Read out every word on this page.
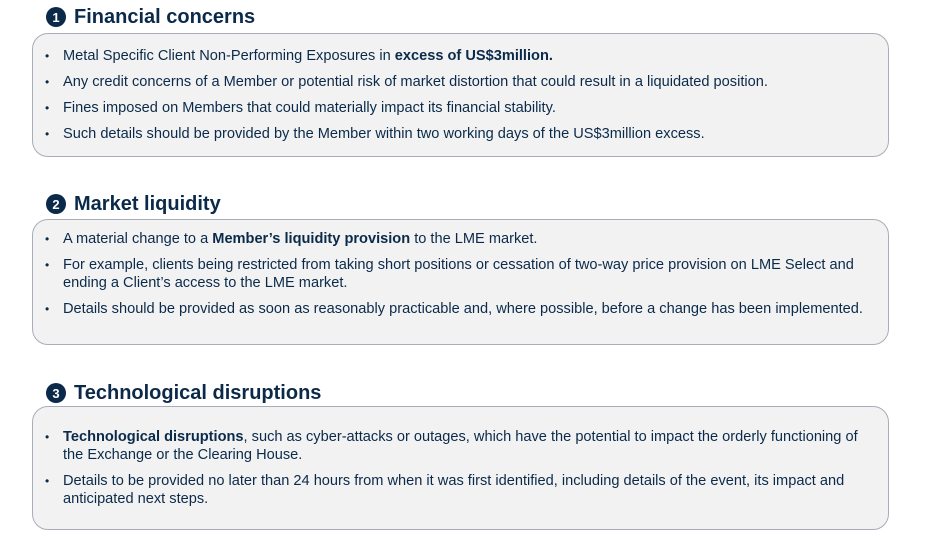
1 Financial concerns
• Metal Specific Client Non-Performing Exposures in excess of US$3million.
• Any credit concerns of a Member or potential risk of market distortion that could result in a liquidated position.
• Fines imposed on Members that could materially impact its financial stability.
• Such details should be provided by the Member within two working days of the US$3million excess.
2 Market liquidity
• A material change to a Member’s liquidity provision to the LME market.
• For example, clients being restricted from taking short positions or cessation of two-way price provision on LME Select and ending a Client’s access to the LME market.
• Details should be provided as soon as reasonably practicable and, where possible, before a change has been implemented.
3 Technological disruptions
• Technological disruptions, such as cyber-attacks or outages, which have the potential to impact the orderly functioning of the Exchange or the Clearing House.
• Details to be provided no later than 24 hours from when it was first identified, including details of the event, its impact and anticipated next steps.
